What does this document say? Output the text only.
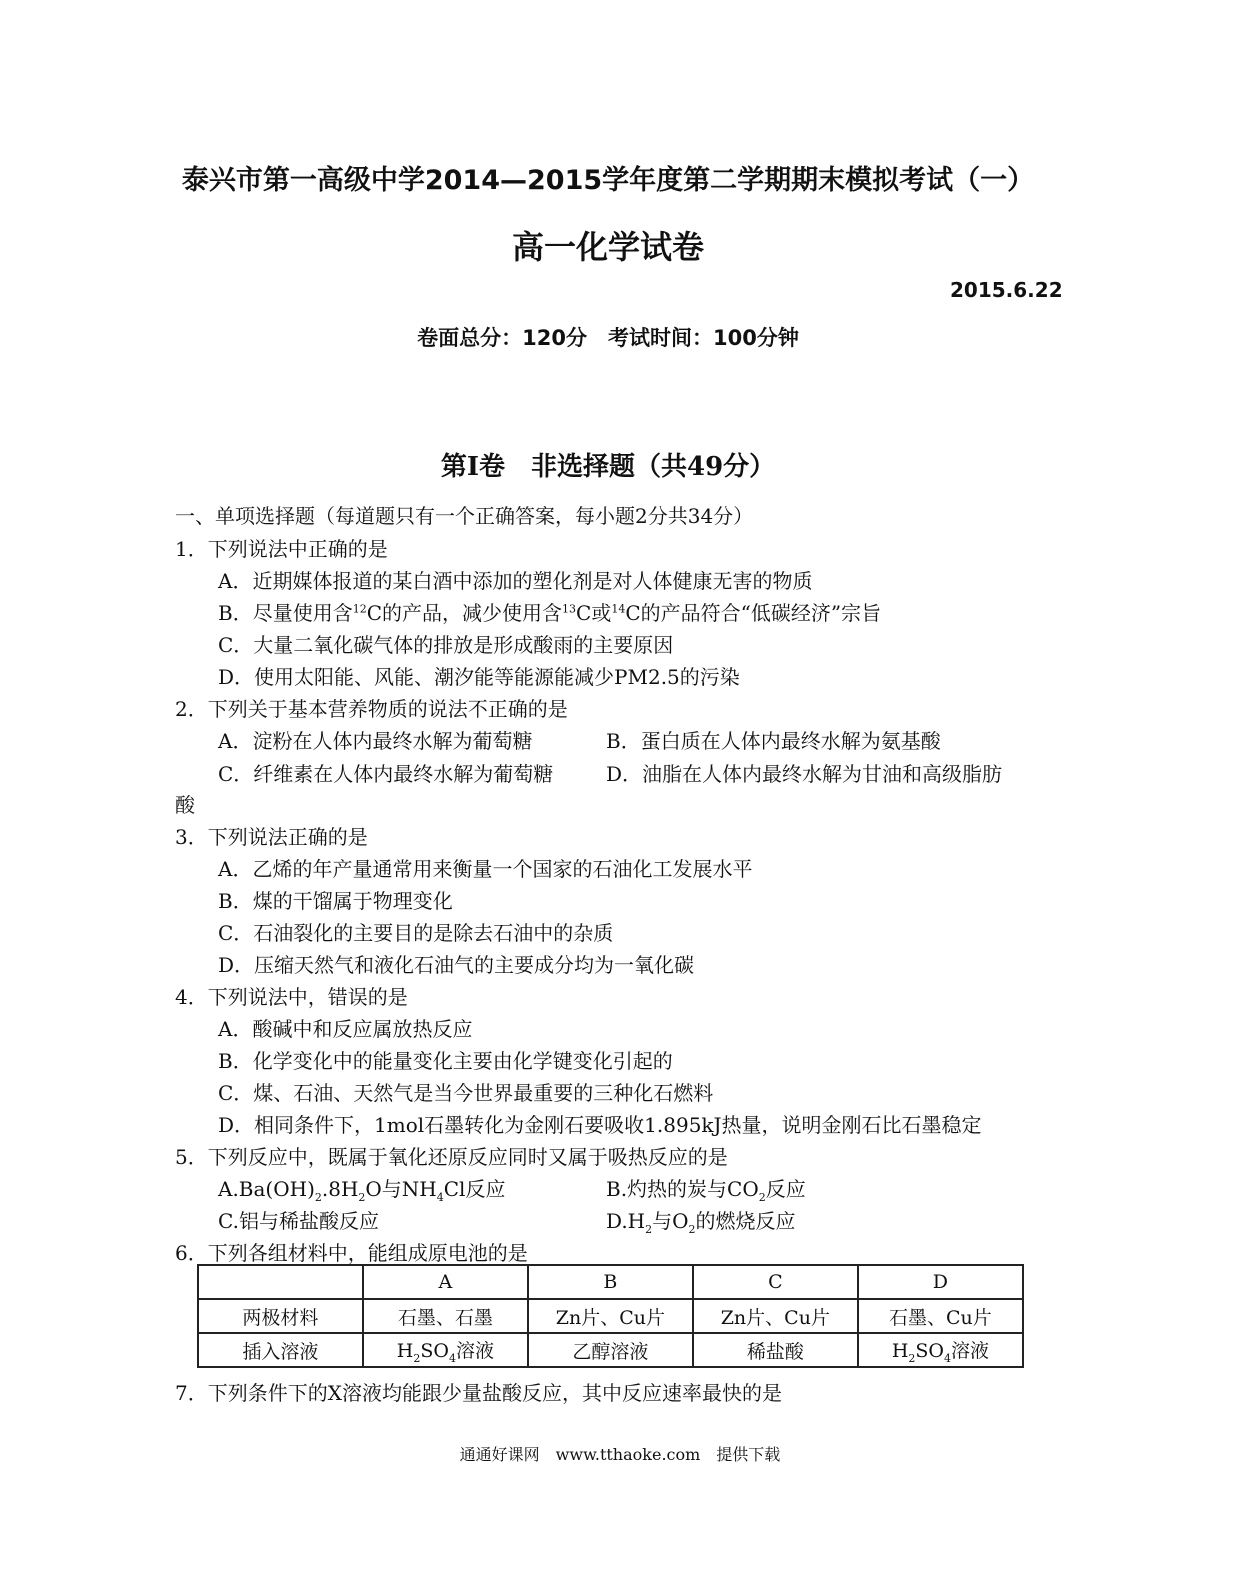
泰兴市第一高级中学2014—2015学年度第二学期期末模拟考试（一）
高一化学试卷
2015.6.22
卷面总分：120分　考试时间：100分钟
第Ⅰ卷　非选择题（共49分）
一、单项选择题（每道题只有一个正确答案，每小题2分共34分）
1．下列说法中正确的是
A．近期媒体报道的某白酒中添加的塑化剂是对人体健康无害的物质
B．尽量使用含$^{12}$C的产品，减少使用含$^{13}$C或$^{14}$C的产品符合“低碳经济”宗旨
C．大量二氧化碳气体的排放是形成酸雨的主要原因
D．使用太阳能、风能、潮汐能等能源能减少PM2.5的污染
2．下列关于基本营养物质的说法不正确的是
A．淀粉在人体内最终水解为葡萄糖	B．蛋白质在人体内最终水解为氨基酸
C．纤维素在人体内最终水解为葡萄糖	D．油脂在人体内最终水解为甘油和高级脂肪
酸
3．下列说法正确的是
A．乙烯的年产量通常用来衡量一个国家的石油化工发展水平
B．煤的干馏属于物理变化
C．石油裂化的主要目的是除去石油中的杂质
D．压缩天然气和液化石油气的主要成分均为一氧化碳
4．下列说法中，错误的是
A．酸碱中和反应属放热反应
B．化学变化中的能量变化主要由化学键变化引起的
C．煤、石油、天然气是当今世界最重要的三种化石燃料
D．相同条件下，1mol石墨转化为金刚石要吸收1.895kJ热量，说明金刚石比石墨稳定
5．下列反应中，既属于氧化还原反应同时又属于吸热反应的是
$A.Ba(OH)_2.8H_2O$与$NH_4Cl$反应	B.灼热的炭与$CO_2$反应
C.铝与稀盐酸反应	$D.H_2$与$O_2$的燃烧反应
6．下列各组材料中，能组成原电池的是
	A	B	C	D
两极材料	石墨、石墨	Zn片、Cu片	Zn片、Cu片	石墨、Cu片
插入溶液	$H_2SO_4$溶液	乙醇溶液	稀盐酸	$H_2SO_4$溶液
7．下列条件下的X溶液均能跟少量盐酸反应，其中反应速率最快的是
通通好课网　www.tthaoke.com　提供下载
